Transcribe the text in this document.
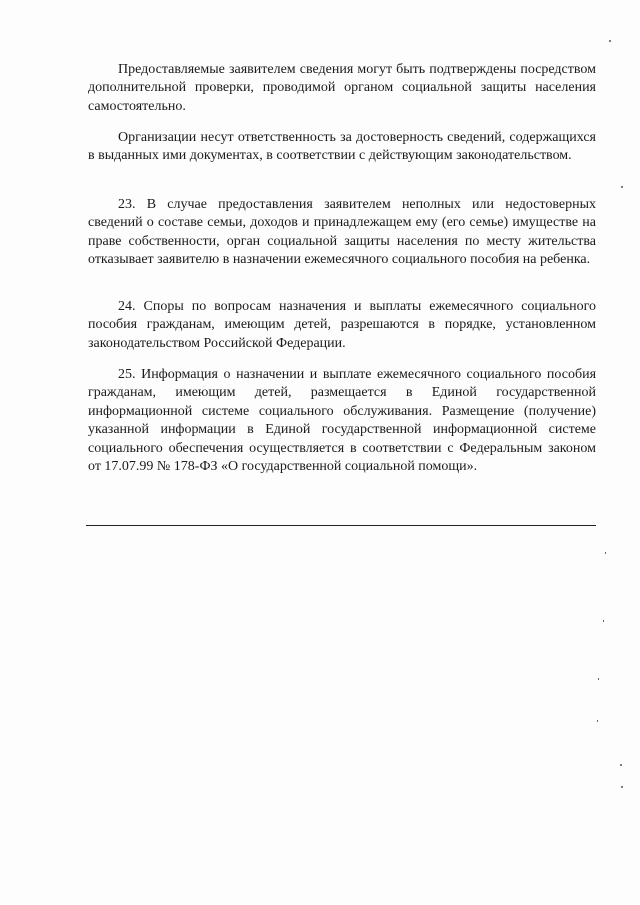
Предоставляемые заявителем сведения могут быть подтверждены посредством дополнительной проверки, проводимой органом социальной защиты населения самостоятельно.

Организации несут ответственность за достоверность сведений, содержащихся в выданных ими документах, в соответствии с действующим законодательством.

23. В случае предоставления заявителем неполных или недостоверных сведений о составе семьи, доходов и принадлежащем ему (его семье) имуществе на праве собственности, орган социальной защиты населения по месту жительства отказывает заявителю в назначении ежемесячного социального пособия на ребенка.

24. Споры по вопросам назначения и выплаты ежемесячного социального пособия гражданам, имеющим детей, разрешаются в порядке, установленном законодательством Российской Федерации.

25. Информация о назначении и выплате ежемесячного социального пособия гражданам, имеющим детей, размещается в Единой государственной информационной системе социального обслуживания. Размещение (получение) указанной информации в Единой государственной информационной системе социального обеспечения осуществляется в соответствии с Федеральным законом от 17.07.99 № 178-ФЗ «О государственной социальной помощи».
